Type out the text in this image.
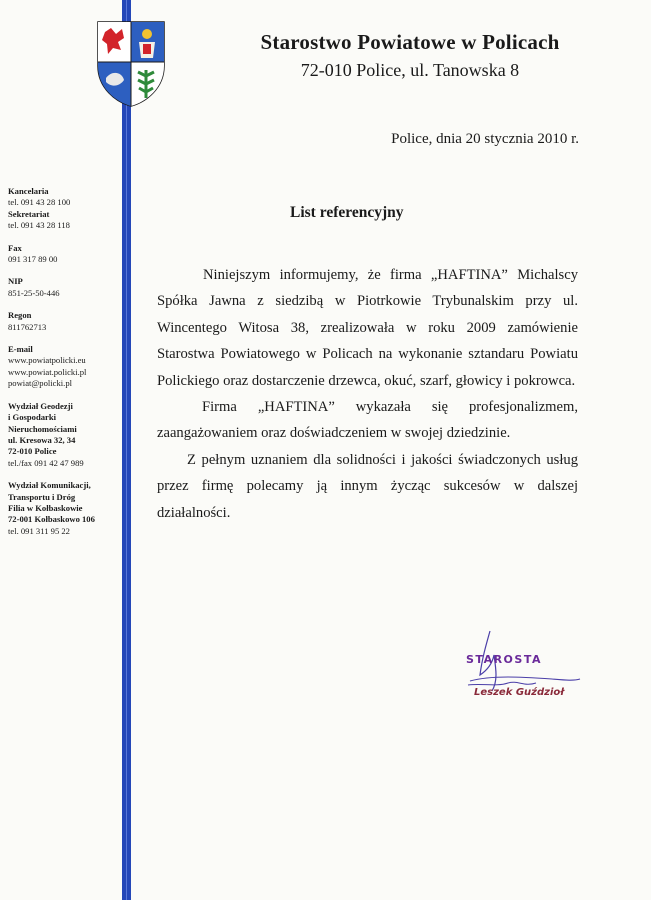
Starostwo Powiatowe w Policach
72-010 Police, ul. Tanowska 8
Police, dnia 20 stycznia 2010 r.
Kancelaria
tel. 091 43 28 100
Sekretariat
tel. 091 43 28 118
Fax
091 317 89 00
NIP
851-25-50-446
Regon
811762713
E-mail
www.powiatpolicki.eu
www.powiat.policki.pl
powiat@policki.pl
Wydział Geodezji
i Gospodarki
Nieruchomościami
ul. Kresowa 32, 34
72-010 Police
tel./fax 091 42 47 989
Wydział Komunikacji,
Transportu i Dróg
Filia w Kołbaskowie
72-001 Kołbaskowo 106
tel. 091 311 95 22
List referencyjny

Niniejszym informujemy, że firma „HAFTINA” Michalscy Spółka Jawna z siedzibą w Piotrkowie Trybunalskim przy ul. Wincentego Witosa 38, zrealizowała w roku 2009 zamówienie Starostwa Powiatowego w Policach na wykonanie sztandaru Powiatu Polickiego oraz dostarczenie drzewca, okuć, szarf, głowicy i pokrowca.

Firma „HAFTINA” wykazała się profesjonalizmem, zaangażowaniem oraz doświadczeniem w swojej dziedzinie.

Z pełnym uznaniem dla solidności i jakości świadczonych usług przez firmę polecamy ją innym życząc sukcesów w dalszej działalności.

STAROSTA
Leszek Guździoł
